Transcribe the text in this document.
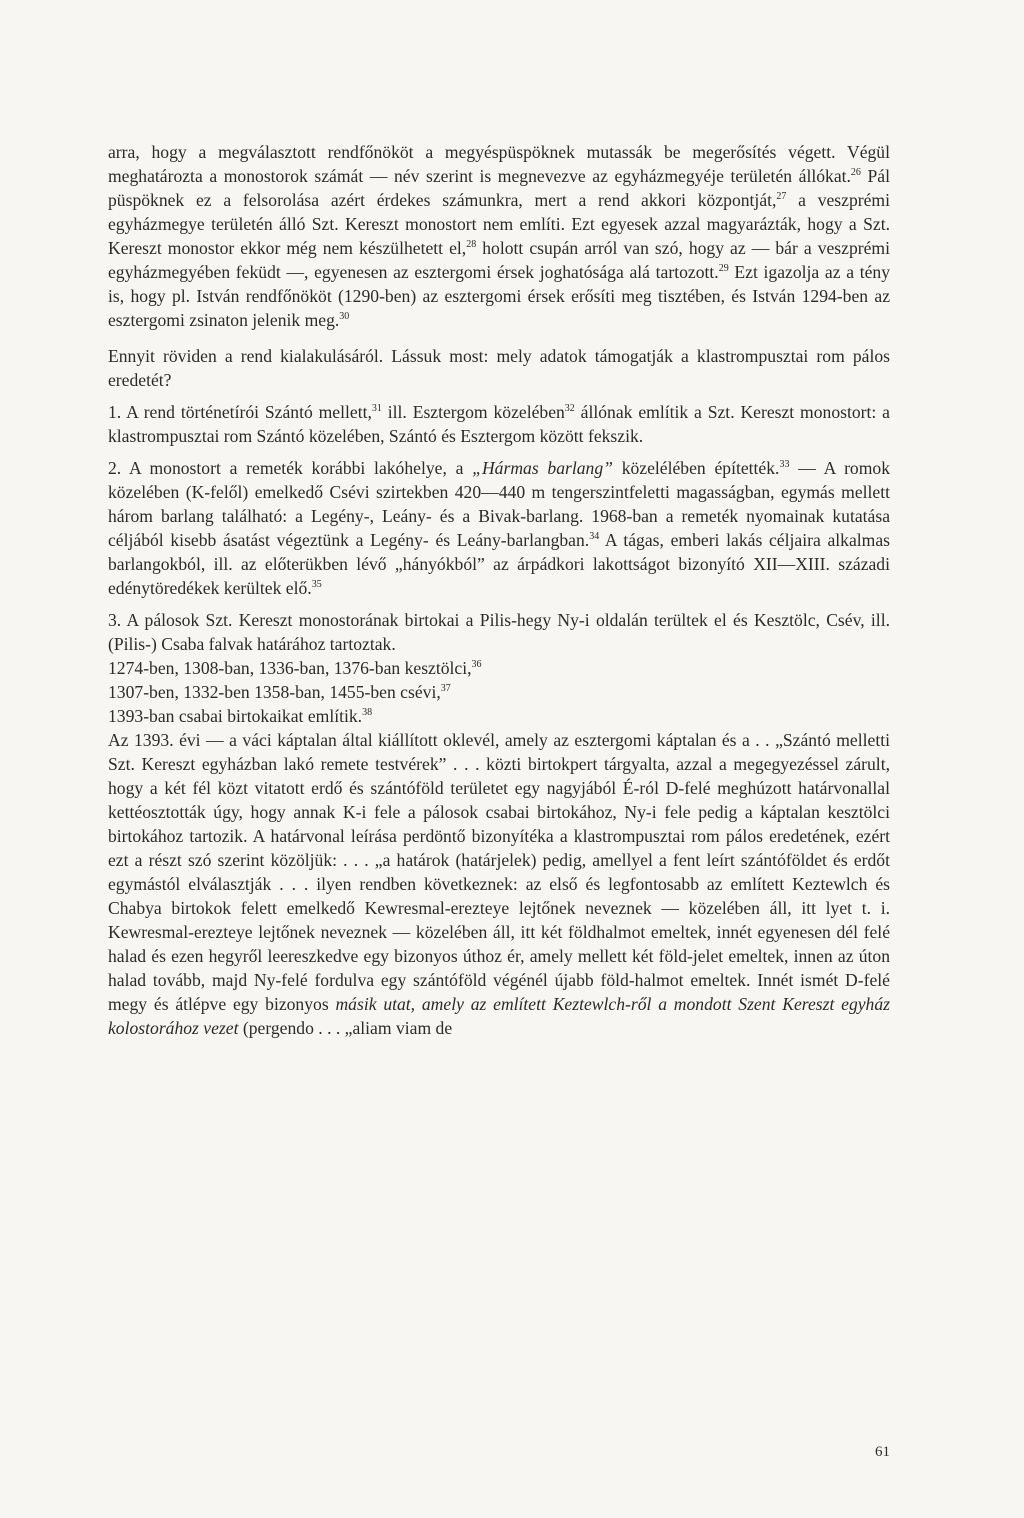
arra, hogy a megválasztott rendfőnököt a megyéspüspöknek mutassák be megerősítés végett. Végül meghatározta a monostorok számát — név szerint is megnevezve az egyházmegyéje területén állókat.$^{26}$ Pál püspöknek ez a felsorolása azért érdekes számunkra, mert a rend akkori központját,$^{27}$ a veszprémi egyházmegye területén álló Szt. Kereszt monostort nem említi. Ezt egyesek azzal magyarázták, hogy a Szt. Kereszt monostor ekkor még nem készülhetett el,$^{28}$ holott csupán arról van szó, hogy az — bár a veszprémi egyházmegyében feküdt —, egyenesen az esztergomi érsek joghatósága alá tartozott.$^{29}$ Ezt igazolja az a tény is, hogy pl. István rendfőnököt (1290-ben) az esztergomi érsek erősíti meg tisztében, és István 1294-ben az esztergomi zsinaton jelenik meg.$^{30}$

Ennyit röviden a rend kialakulásáról. Lássuk most: mely adatok támogatják a klastrompusztai rom pálos eredetét?

1. A rend történetírói Szántó mellett,$^{31}$ ill. Esztergom közelében$^{32}$ állónak említik a Szt. Kereszt monostort: a klastrompusztai rom Szántó közelében, Szántó és Esztergom között fekszik.

2. A monostort a remeték korábbi lakóhelye, a „Hármas barlang” közelélében építették.$^{33}$ — A romok közelében (K-felől) emelkedő Csévi szirtekben 420—440 m tengerszintfeletti magasságban, egymás mellett három barlang található: a Legény-, Leány- és a Bivak-barlang. 1968-ban a remeték nyomainak kutatása céljából kisebb ásatást végeztünk a Legény- és Leány-barlangban.$^{34}$ A tágas, emberi lakás céljaira alkalmas barlangokból, ill. az előterükben lévő „hányókból” az árpádkori lakottságot bizonyító XII—XIII. századi edénytöredékek kerültek elő.$^{35}$

3. A pálosok Szt. Kereszt monostorának birtokai a Pilis-hegy Ny-i oldalán terültek el és Kesztölc, Csév, ill. (Pilis-) Csaba falvak határához tartoztak.

1274-ben, 1308-ban, 1336-ban, 1376-ban kesztölci,$^{36}$

1307-ben, 1332-ben 1358-ban, 1455-ben csévi,$^{37}$

1393-ban csabai birtokaikat említik.$^{38}$

Az 1393. évi — a váci káptalan által kiállított oklevél, amely az esztergomi káptalan és a . . „Szántó melletti Szt. Kereszt egyházban lakó remete testvérek” . . . közti birtokpert tárgyalta, azzal a megegyezéssel zárult, hogy a két fél közt vitatott erdő és szántóföld területet egy nagyjából É-ról D-felé meghúzott határvonallal kettéosztották úgy, hogy annak K-i fele a pálosok csabai birtokához, Ny-i fele pedig a káptalan kesztölci birtokához tartozik. A határvonal leírása perdöntő bizonyítéka a klastrompusztai rom pálos eredetének, ezért ezt a részt szó szerint közöljük: . . . „a határok (határjelek) pedig, amellyel a fent leírt szántóföldet és erdőt egymástól elválasztják . . . ilyen rendben következnek: az első és legfontosabb az említett Keztewlch és Chabya birtokok felett emelkedő Kewresmal-erezteye lejtőnek neveznek — közelében áll, itt lyet t. i. Kewresmal-erezteye lejtőnek neveznek — közelében áll, itt két földhalmot emeltek, innét egyenesen dél felé halad és ezen hegyről leereszkedve egy bizonyos úthoz ér, amely mellett két föld-jelet emeltek, innen az úton halad tovább, majd Ny-felé fordulva egy szántóföld végénél újabb föld-halmot emeltek. Innét ismét D-felé megy és átlépve egy bizonyos másik utat, amely az említett Keztewlch-ről a mondott Szent Kereszt egyház kolostorához vezet (pergendo . . . „aliam viam de

61
